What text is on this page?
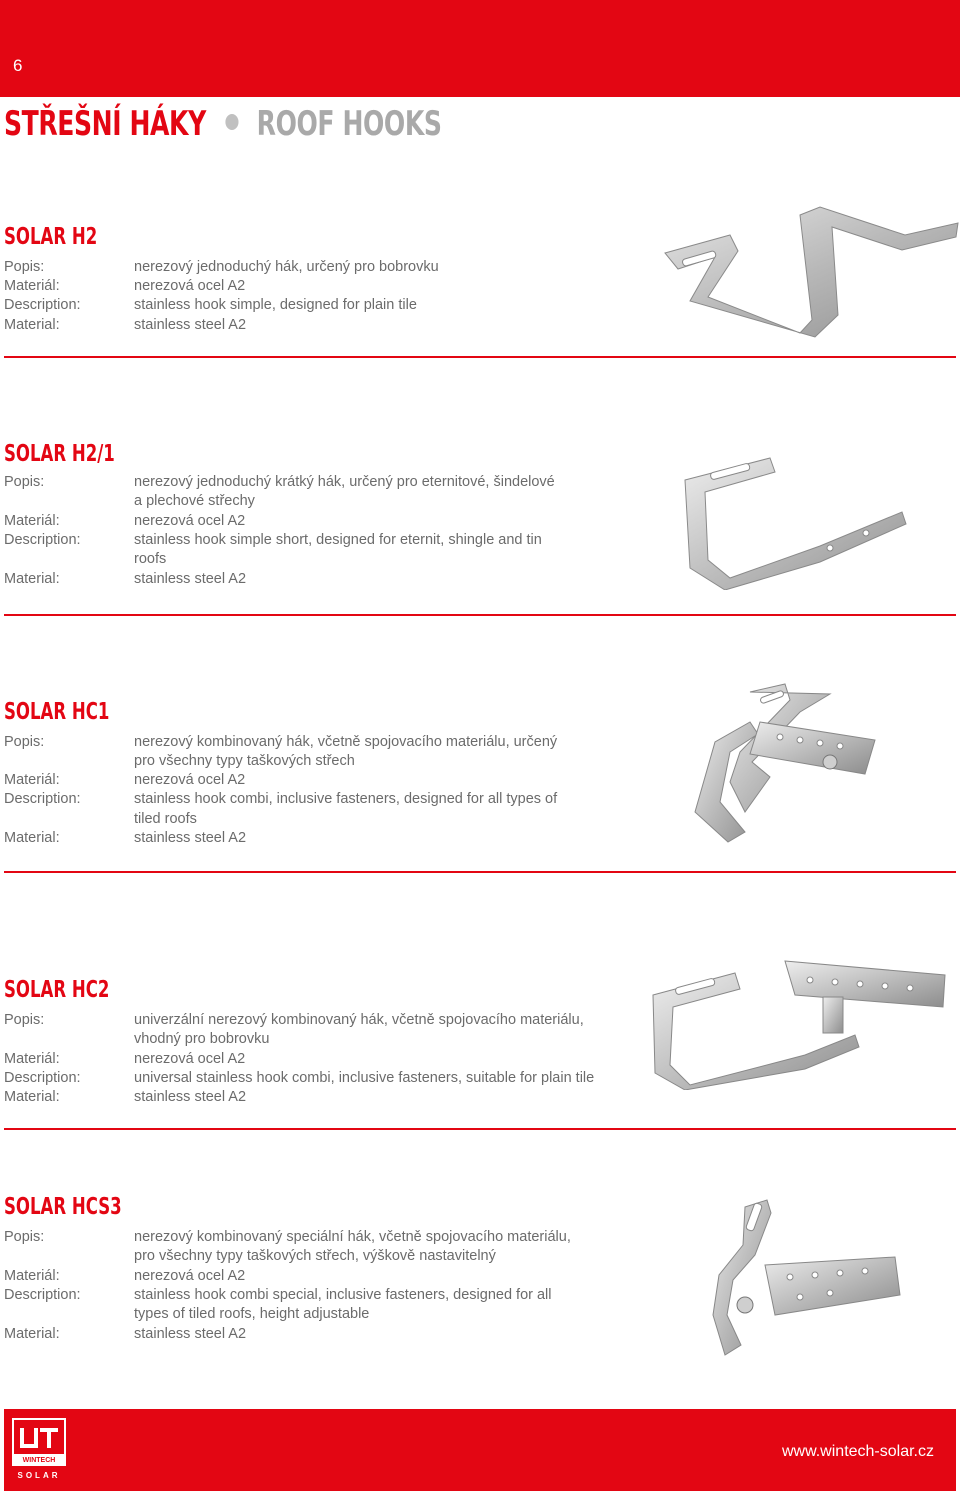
6
STŘEŠNÍ HÁKY ROOF HOOKS
SOLAR H2
Popis:	nerezový jednoduchý hák, určený pro bobrovku
Materiál:	nerezová ocel A2
Description:	stainless hook simple, designed for plain tile
Material:	stainless steel A2
SOLAR H2/1
Popis:	nerezový jednoduchý krátký hák, určený pro eternitové, šindelové
a plechové střechy
Materiál:	nerezová ocel A2
Description:	stainless hook simple short, designed for eternit, shingle and tin
roofs
Material:	stainless steel A2
SOLAR HC1
Popis:	nerezový kombinovaný hák, včetně spojovacího materiálu, určený
pro všechny typy taškových střech
Materiál:	nerezová ocel A2
Description:	stainless hook combi, inclusive fasteners, designed for all types of
tiled roofs
Material:	stainless steel A2
SOLAR HC2
Popis:	univerzální nerezový kombinovaný hák, včetně spojovacího materiálu,
vhodný pro bobrovku
Materiál:	nerezová ocel A2
Description:	universal stainless hook combi, inclusive fasteners, suitable for plain tile
Material:	stainless steel A2
SOLAR HCS3
Popis:	nerezový kombinovaný speciální hák, včetně spojovacího materiálu,
pro všechny typy taškových střech, výškově nastavitelný
Materiál:	nerezová ocel A2
Description:	stainless hook combi special, inclusive fasteners, designed for all
types of tiled roofs, height adjustable
Material:	stainless steel A2
WINTECH
SOLAR
www.wintech-solar.cz
